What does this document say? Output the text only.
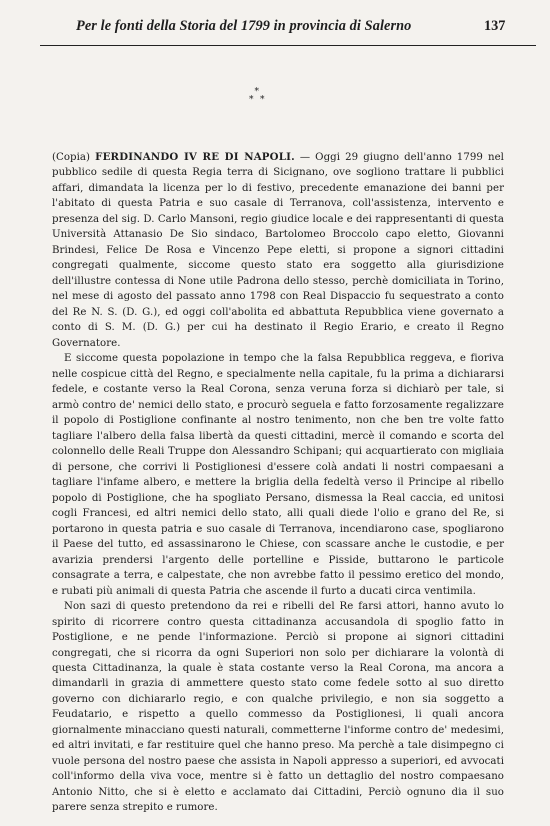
Per le fonti della Storia del 1799 in provincia di Salerno	137
*
* *

(Copia) FERDINANDO IV RE DI NAPOLI. — Oggi 29 giugno dell'anno 1799 nel pubblico sedile di questa Regia terra di Sicignano, ove sogliono trattare li pubblici affari, dimandata la licenza per lo di festivo, precedente emanazione dei banni per l'abitato di questa Patria e suo casale di Terranova, coll'assistenza, intervento e presenza del sig. D. Carlo Mansoni, regio giudice locale e dei rappresentanti di questa Università Attanasio De Sio sindaco, Bartolomeo Broccolo capo eletto, Giovanni Brindesi, Felice De Rosa e Vincenzo Pepe eletti, si propone a signori cittadini congregati qualmente, siccome questo stato era soggetto alla giurisdizione dell'illustre contessa di None utile Padrona dello stesso, perchè domiciliata in Torino, nel mese di agosto del passato anno 1798 con Real Dispaccio fu sequestrato a conto del Re N. S. (D. G.), ed oggi coll'abolita ed abbattuta Repubblica viene governato a conto di S. M. (D. G.) per cui ha destinato il Regio Erario, e creato il Regno Governatore.

E siccome questa popolazione in tempo che la falsa Repubblica reggeva, e fioriva nelle cospicue città del Regno, e specialmente nella capitale, fu la prima a dichiararsi fedele, e costante verso la Real Corona, senza veruna forza si dichiarò per tale, si armò contro de' nemici dello stato, e procurò seguela e fatto forzosamente regalizzare il popolo di Postiglione confinante al nostro tenimento, non che ben tre volte fatto tagliare l'albero della falsa libertà da questi cittadini, mercè il comando e scorta del colonnello delle Reali Truppe don Alessandro Schipani; qui acquartierato con migliaia di persone, che corrivi li Postiglionesi d'essere colà andati li nostri compaesani a tagliare l'infame albero, e mettere la briglia della fedeltà verso il Principe al ribello popolo di Postiglione, che ha spogliato Persano, dismessa la Real caccia, ed unitosi cogli Francesi, ed altri nemici dello stato, alli quali diede l'olio e grano del Re, si portarono in questa patria e suo casale di Terranova, incendiarono case, spogliarono il Paese del tutto, ed assassinarono le Chiese, con scassare anche le custodie, e per avarizia prendersi l'argento delle portelline e Pisside, buttarono le particole consagrate a terra, e calpestate, che non avrebbe fatto il pessimo eretico del mondo, e rubati più animali di questa Patria che ascende il furto a ducati circa ventimila.

Non sazi di questo pretendono da rei e ribelli del Re farsi attori, hanno avuto lo spirito di ricorrere contro questa cittadinanza accusandola di spoglio fatto in Postiglione, e ne pende l'informazione. Perciò si propone ai signori cittadini congregati, che si ricorra da ogni Superiori non solo per dichiarare la volontà di questa Cittadinanza, la quale è stata costante verso la Real Corona, ma ancora a dimandarli in grazia di ammettere questo stato come fedele sotto al suo diretto governo con dichiararlo regio, e con qualche privilegio, e non sia soggetto a Feudatario, e rispetto a quello commesso da Postiglionesi, li quali ancora giornalmente minacciano questi naturali, commetterne l'informe contro de' medesimi, ed altri invitati, e far restituire quel che hanno preso. Ma perchè a tale disimpegno ci vuole persona del nostro paese che assista in Napoli appresso a superiori, ed avvocati coll'informo della viva voce, mentre si è fatto un dettaglio del nostro compaesano Antonio Nitto, che si è eletto e acclamato dai Cittadini, Perciò ognuno dia il suo parere senza strepito e rumore.
